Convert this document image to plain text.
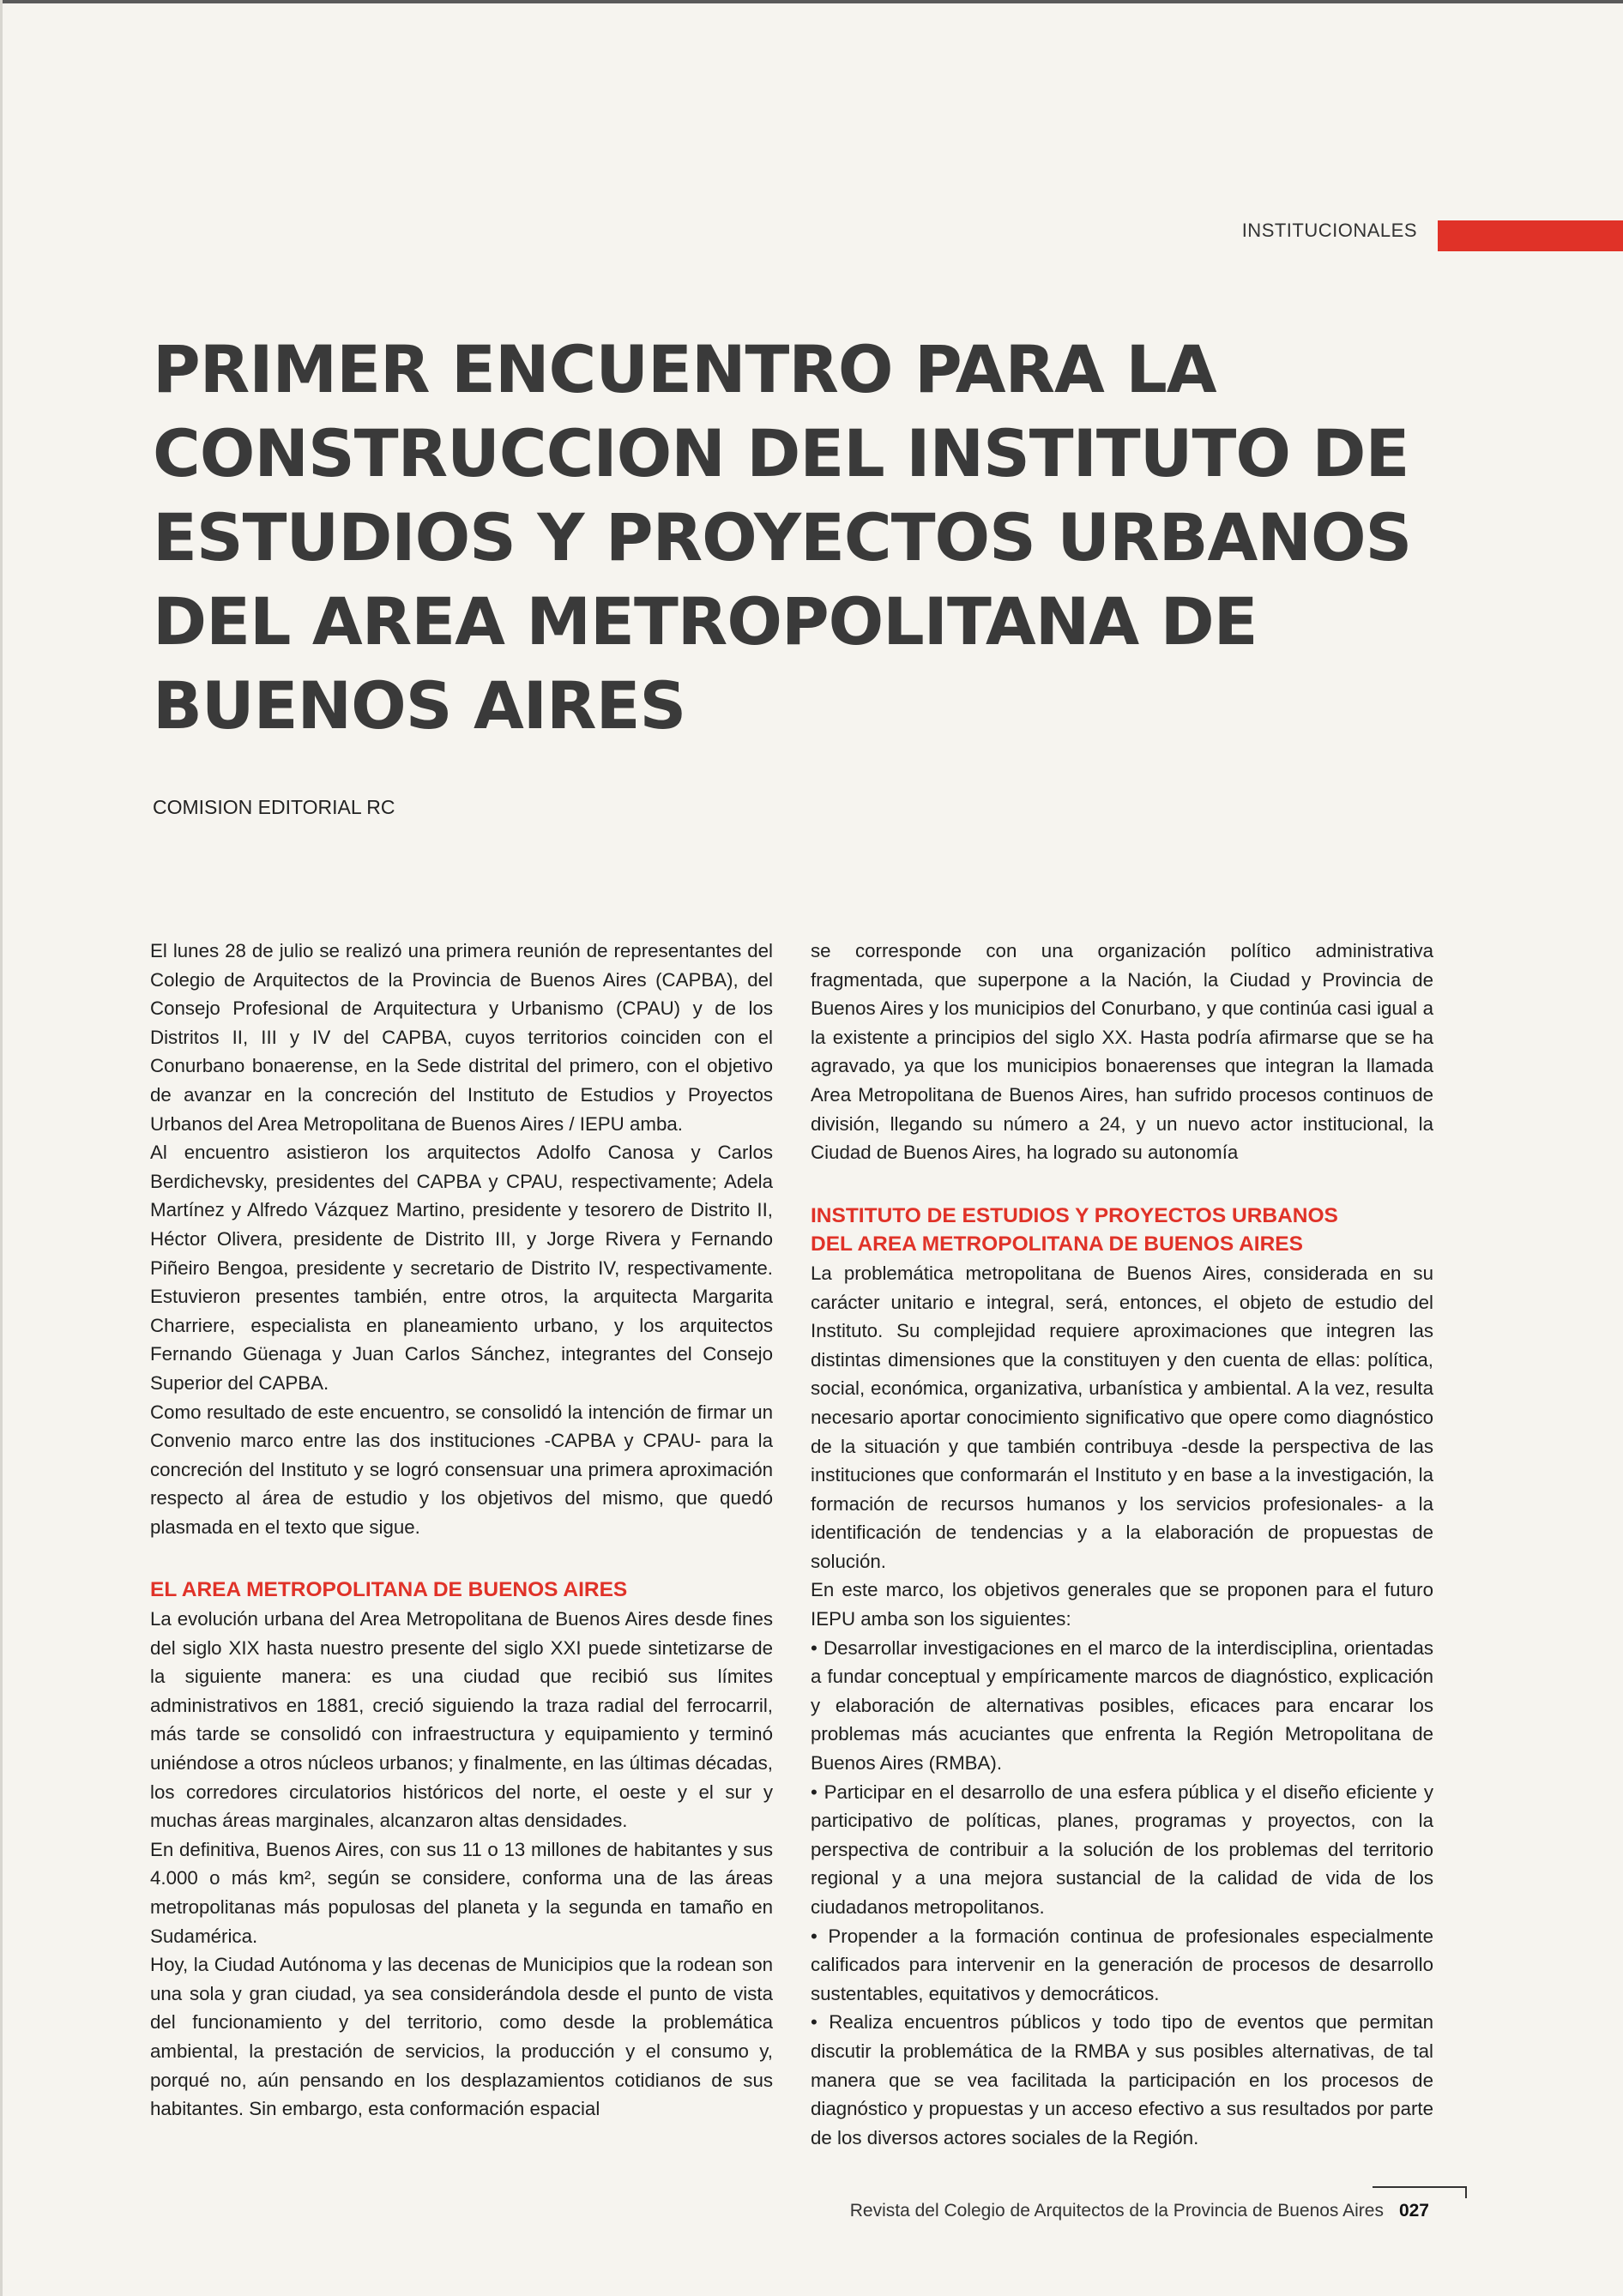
INSTITUCIONALES
PRIMER ENCUENTRO PARA LA
CONSTRUCCION DEL INSTITUTO DE
ESTUDIOS Y PROYECTOS URBANOS
DEL AREA METROPOLITANA DE
BUENOS AIRES
COMISION EDITORIAL RC

El lunes 28 de julio se realizó una primera reunión de representantes del Colegio de Arquitectos de la Provincia de Buenos Aires (CAPBA), del Consejo Profesional de Arquitectura y Urbanismo (CPAU) y de los Distritos II, III y IV del CAPBA, cuyos territorios coinciden con el Conurbano bonaerense, en la Sede distrital del primero, con el objetivo de avanzar en la concreción del Instituto de Estudios y Proyectos Urbanos del Area Metropolitana de Buenos Aires / IEPU amba.

Al encuentro asistieron los arquitectos Adolfo Canosa y Carlos Berdichevsky, presidentes del CAPBA y CPAU, respectivamente; Adela Martínez y Alfredo Vázquez Martino, presidente y tesorero de Distrito II, Héctor Olivera, presidente de Distrito III, y Jorge Rivera y Fernando Piñeiro Bengoa, presidente y secretario de Distrito IV, respectivamente. Estuvieron presentes también, entre otros, la arquitecta Margarita Charriere, especialista en planeamiento urbano, y los arquitectos Fernando Güenaga y Juan Carlos Sánchez, integrantes del Consejo Superior del CAPBA.

Como resultado de este encuentro, se consolidó la intención de firmar un Convenio marco entre las dos instituciones -CAPBA y CPAU- para la concreción del Instituto y se logró consensuar una primera aproximación respecto al área de estudio y los objetivos del mismo, que quedó plasmada en el texto que sigue.

EL AREA METROPOLITANA DE BUENOS AIRES

La evolución urbana del Area Metropolitana de Buenos Aires desde fines del siglo XIX hasta nuestro presente del siglo XXI puede sintetizarse de la siguiente manera: es una ciudad que recibió sus límites administrativos en 1881, creció siguiendo la traza radial del ferrocarril, más tarde se consolidó con infraestructura y equipamiento y terminó uniéndose a otros núcleos urbanos; y finalmente, en las últimas décadas, los corredores circulatorios históricos del norte, el oeste y el sur y muchas áreas marginales, alcanzaron altas densidades.

En definitiva, Buenos Aires, con sus 11 o 13 millones de habitantes y sus 4.000 o más km², según se considere, conforma una de las áreas metropolitanas más populosas del planeta y la segunda en tamaño en Sudamérica.

Hoy, la Ciudad Autónoma y las decenas de Municipios que la rodean son una sola y gran ciudad, ya sea considerándola desde el punto de vista del funcionamiento y del territorio, como desde la problemática ambiental, la prestación de servicios, la producción y el consumo y, porqué no, aún pensando en los desplazamientos cotidianos de sus habitantes. Sin embargo, esta conformación espacial

se corresponde con una organización político administrativa fragmentada, que superpone a la Nación, la Ciudad y Provincia de Buenos Aires y los municipios del Conurbano, y que continúa casi igual a la existente a principios del siglo XX. Hasta podría afirmarse que se ha agravado, ya que los municipios bonaerenses que integran la llamada Area Metropolitana de Buenos Aires, han sufrido procesos continuos de división, llegando su número a 24, y un nuevo actor institucional, la Ciudad de Buenos Aires, ha logrado su autonomía

INSTITUTO DE ESTUDIOS Y PROYECTOS URBANOS
DEL AREA METROPOLITANA DE BUENOS AIRES

La problemática metropolitana de Buenos Aires, considerada en su carácter unitario e integral, será, entonces, el objeto de estudio del Instituto. Su complejidad requiere aproximaciones que integren las distintas dimensiones que la constituyen y den cuenta de ellas: política, social, económica, organizativa, urbanística y ambiental. A la vez, resulta necesario aportar conocimiento significativo que opere como diagnóstico de la situación y que también contribuya -desde la perspectiva de las instituciones que conformarán el Instituto y en base a la investigación, la formación de recursos humanos y los servicios profesionales- a la identificación de tendencias y a la elaboración de propuestas de solución.

En este marco, los objetivos generales que se proponen para el futuro IEPU amba son los siguientes:

• Desarrollar investigaciones en el marco de la interdisciplina, orientadas a fundar conceptual y empíricamente marcos de diagnóstico, explicación y elaboración de alternativas posibles, eficaces para encarar los problemas más acuciantes que enfrenta la Región Metropolitana de Buenos Aires (RMBA).

• Participar en el desarrollo de una esfera pública y el diseño eficiente y participativo de políticas, planes, programas y proyectos, con la perspectiva de contribuir a la solución de los problemas del territorio regional y a una mejora sustancial de la calidad de vida de los ciudadanos metropolitanos.

• Propender a la formación continua de profesionales especialmente calificados para intervenir en la generación de procesos de desarrollo sustentables, equitativos y democráticos.

• Realiza encuentros públicos y todo tipo de eventos que permitan discutir la problemática de la RMBA y sus posibles alternativas, de tal manera que se vea facilitada la participación en los procesos de diagnóstico y propuestas y un acceso efectivo a sus resultados por parte de los diversos actores sociales de la Región.

Revista del Colegio de Arquitectos de la Provincia de Buenos Aires 027
